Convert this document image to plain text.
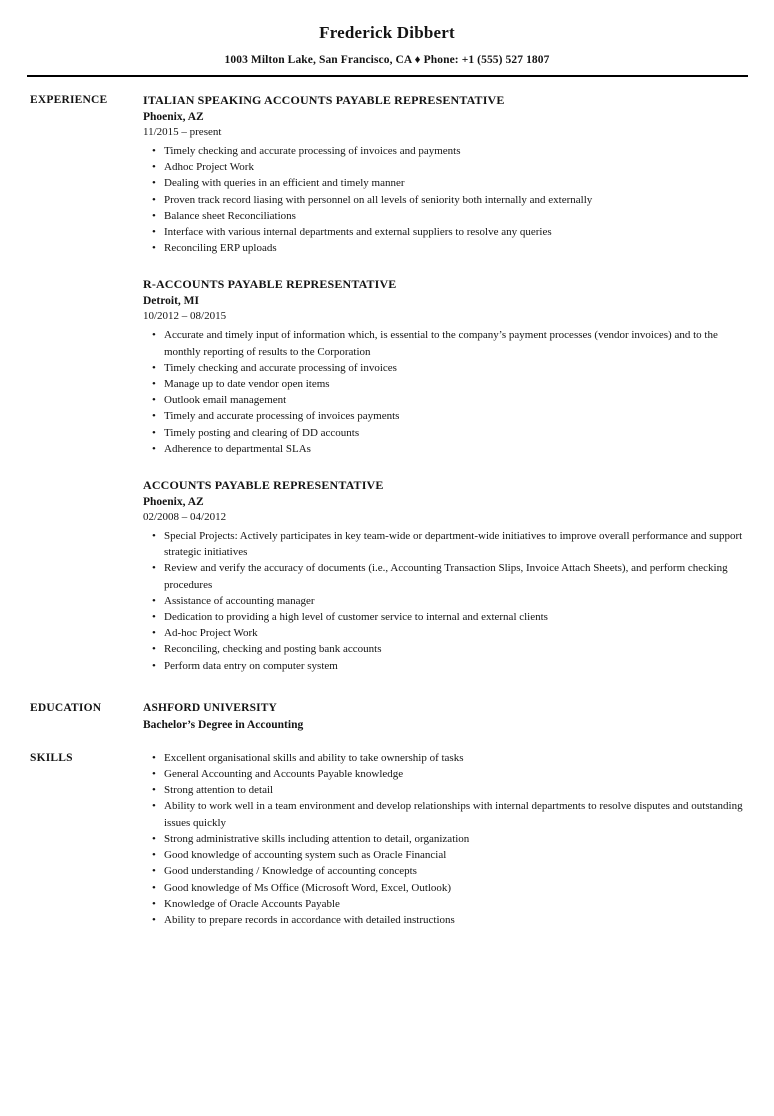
Frederick Dibbert
1003 Milton Lake, San Francisco, CA ♦ Phone: +1 (555) 527 1807
EXPERIENCE	ITALIAN SPEAKING ACCOUNTS PAYABLE REPRESENTATIVE
Phoenix, AZ
11/2015 – present
• Timely checking and accurate processing of invoices and payments
• Adhoc Project Work
• Dealing with queries in an efficient and timely manner
• Proven track record liasing with personnel on all levels of seniority both internally and externally
• Balance sheet Reconciliations
• Interface with various internal departments and external suppliers to resolve any queries
• Reconciling ERP uploads
R-ACCOUNTS PAYABLE REPRESENTATIVE
Detroit, MI
10/2012 – 08/2015
• Accurate and timely input of information which, is essential to the company’s payment processes (vendor invoices) and to the monthly reporting of results to the Corporation
• Timely checking and accurate processing of invoices
• Manage up to date vendor open items
• Outlook email management
• Timely and accurate processing of invoices payments
• Timely posting and clearing of DD accounts
• Adherence to departmental SLAs
ACCOUNTS PAYABLE REPRESENTATIVE
Phoenix, AZ
02/2008 – 04/2012
• Special Projects: Actively participates in key team-wide or department-wide initiatives to improve overall performance and support strategic initiatives
• Review and verify the accuracy of documents (i.e., Accounting Transaction Slips, Invoice Attach Sheets), and perform checking procedures
• Assistance of accounting manager
• Dedication to providing a high level of customer service to internal and external clients
• Ad-hoc Project Work
• Reconciling, checking and posting bank accounts
• Perform data entry on computer system
EDUCATION	ASHFORD UNIVERSITY
Bachelor’s Degree in Accounting
SKILLS	• Excellent organisational skills and ability to take ownership of tasks
• General Accounting and Accounts Payable knowledge
• Strong attention to detail
• Ability to work well in a team environment and develop relationships with internal departments to resolve disputes and outstanding issues quickly
• Strong administrative skills including attention to detail, organization
• Good knowledge of accounting system such as Oracle Financial
• Good understanding / Knowledge of accounting concepts
• Good knowledge of Ms Office (Microsoft Word, Excel, Outlook)
• Knowledge of Oracle Accounts Payable
• Ability to prepare records in accordance with detailed instructions
